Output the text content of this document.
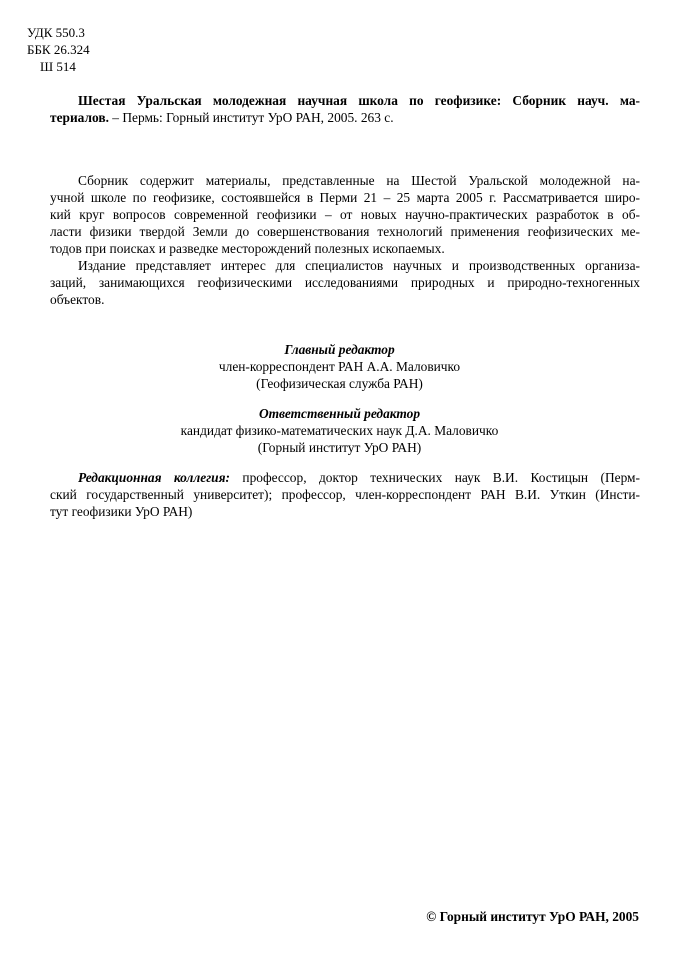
УДК 550.3
ББК 26.324
Ш 514
Шестая Уральская молодежная научная школа по геофизике: Сборник науч. ма-
териалов. – Пермь: Горный институт УрО РАН, 2005. 263 с.
Сборник содержит материалы, представленные на Шестой Уральской молодежной на-
учной школе по геофизике, состоявшейся в Перми 21 – 25 марта 2005 г. Рассматривается широ-
кий круг вопросов современной геофизики – от новых научно-практических разработок в об-
ласти физики твердой Земли до совершенствования технологий применения геофизических ме-
тодов при поисках и разведке месторождений полезных ископаемых.
Издание представляет интерес для специалистов научных и производственных организа-
заций, занимающихся геофизическими исследованиями природных и природно-техногенных
объектов.
Главный редактор
член-корреспондент РАН А.А. Маловичко
(Геофизическая служба РАН)
Ответственный редактор
кандидат физико-математических наук Д.А. Маловичко
(Горный институт УрО РАН)
Редакционная коллегия: профессор, доктор технических наук В.И. Костицын (Перм-
ский государственный университет); профессор, член-корреспондент РАН В.И. Уткин (Инсти-
тут геофизики УрО РАН)
© Горный институт УрО РАН, 2005
